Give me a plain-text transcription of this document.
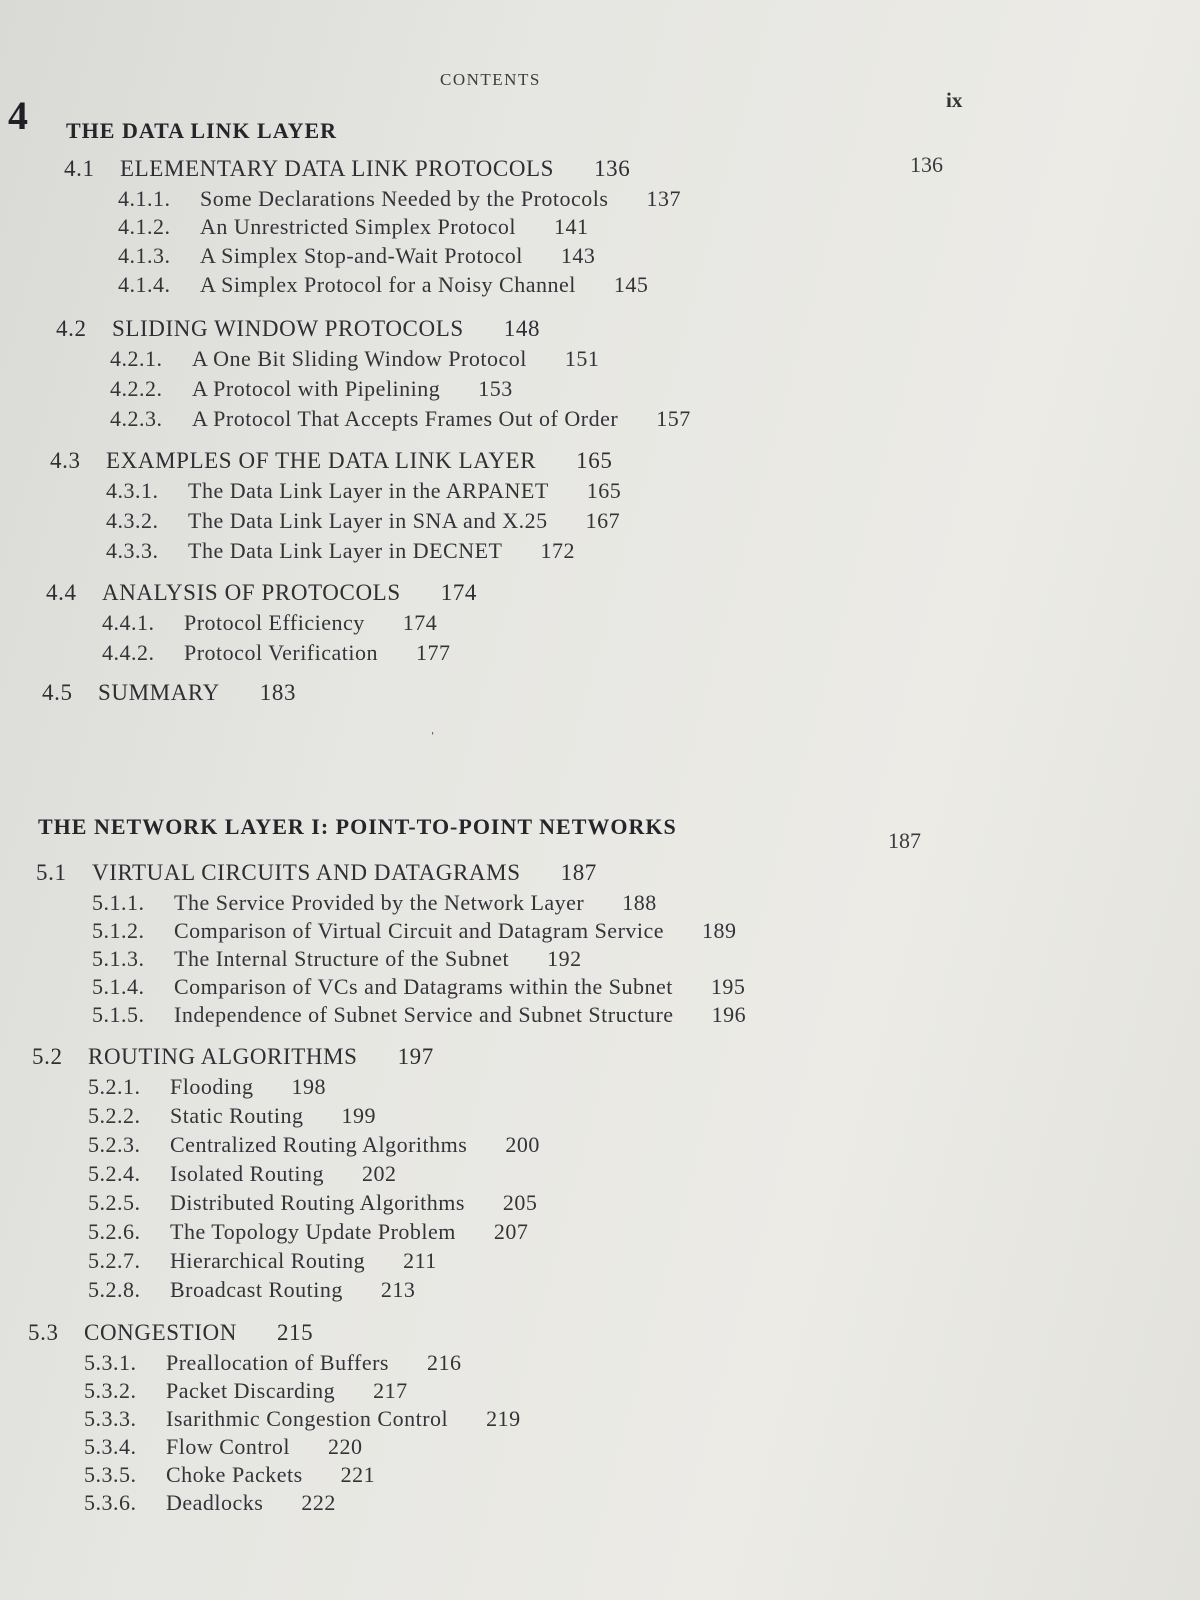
CONTENTS
ix
ˌ
4 THE DATA LINK LAYER
136
4.1 ELEMENTARY DATA LINK PROTOCOLS 136
4.1.1. Some Declarations Needed by the Protocols 137
4.1.2. An Unrestricted Simplex Protocol 141
4.1.3. A Simplex Stop-and-Wait Protocol 143
4.1.4. A Simplex Protocol for a Noisy Channel 145
4.2 SLIDING WINDOW PROTOCOLS 148
4.2.1. A One Bit Sliding Window Protocol 151
4.2.2. A Protocol with Pipelining 153
4.2.3. A Protocol That Accepts Frames Out of Order 157
4.3 EXAMPLES OF THE DATA LINK LAYER 165
4.3.1. The Data Link Layer in the ARPANET 165
4.3.2. The Data Link Layer in SNA and X.25 167
4.3.3. The Data Link Layer in DECNET 172
4.4 ANALYSIS OF PROTOCOLS 174
4.4.1. Protocol Efficiency 174
4.4.2. Protocol Verification 177
4.5 SUMMARY 183
THE NETWORK LAYER I: POINT-TO-POINT NETWORKS
187
5.1 VIRTUAL CIRCUITS AND DATAGRAMS 187
5.1.1. The Service Provided by the Network Layer 188
5.1.2. Comparison of Virtual Circuit and Datagram Service 189
5.1.3. The Internal Structure of the Subnet 192
5.1.4. Comparison of VCs and Datagrams within the Subnet 195
5.1.5. Independence of Subnet Service and Subnet Structure 196
5.2 ROUTING ALGORITHMS 197
5.2.1. Flooding 198
5.2.2. Static Routing 199
5.2.3. Centralized Routing Algorithms 200
5.2.4. Isolated Routing 202
5.2.5. Distributed Routing Algorithms 205
5.2.6. The Topology Update Problem 207
5.2.7. Hierarchical Routing 211
5.2.8. Broadcast Routing 213
5.3 CONGESTION 215
5.3.1. Preallocation of Buffers 216
5.3.2. Packet Discarding 217
5.3.3. Isarithmic Congestion Control 219
5.3.4. Flow Control 220
5.3.5. Choke Packets 221
5.3.6. Deadlocks 222
